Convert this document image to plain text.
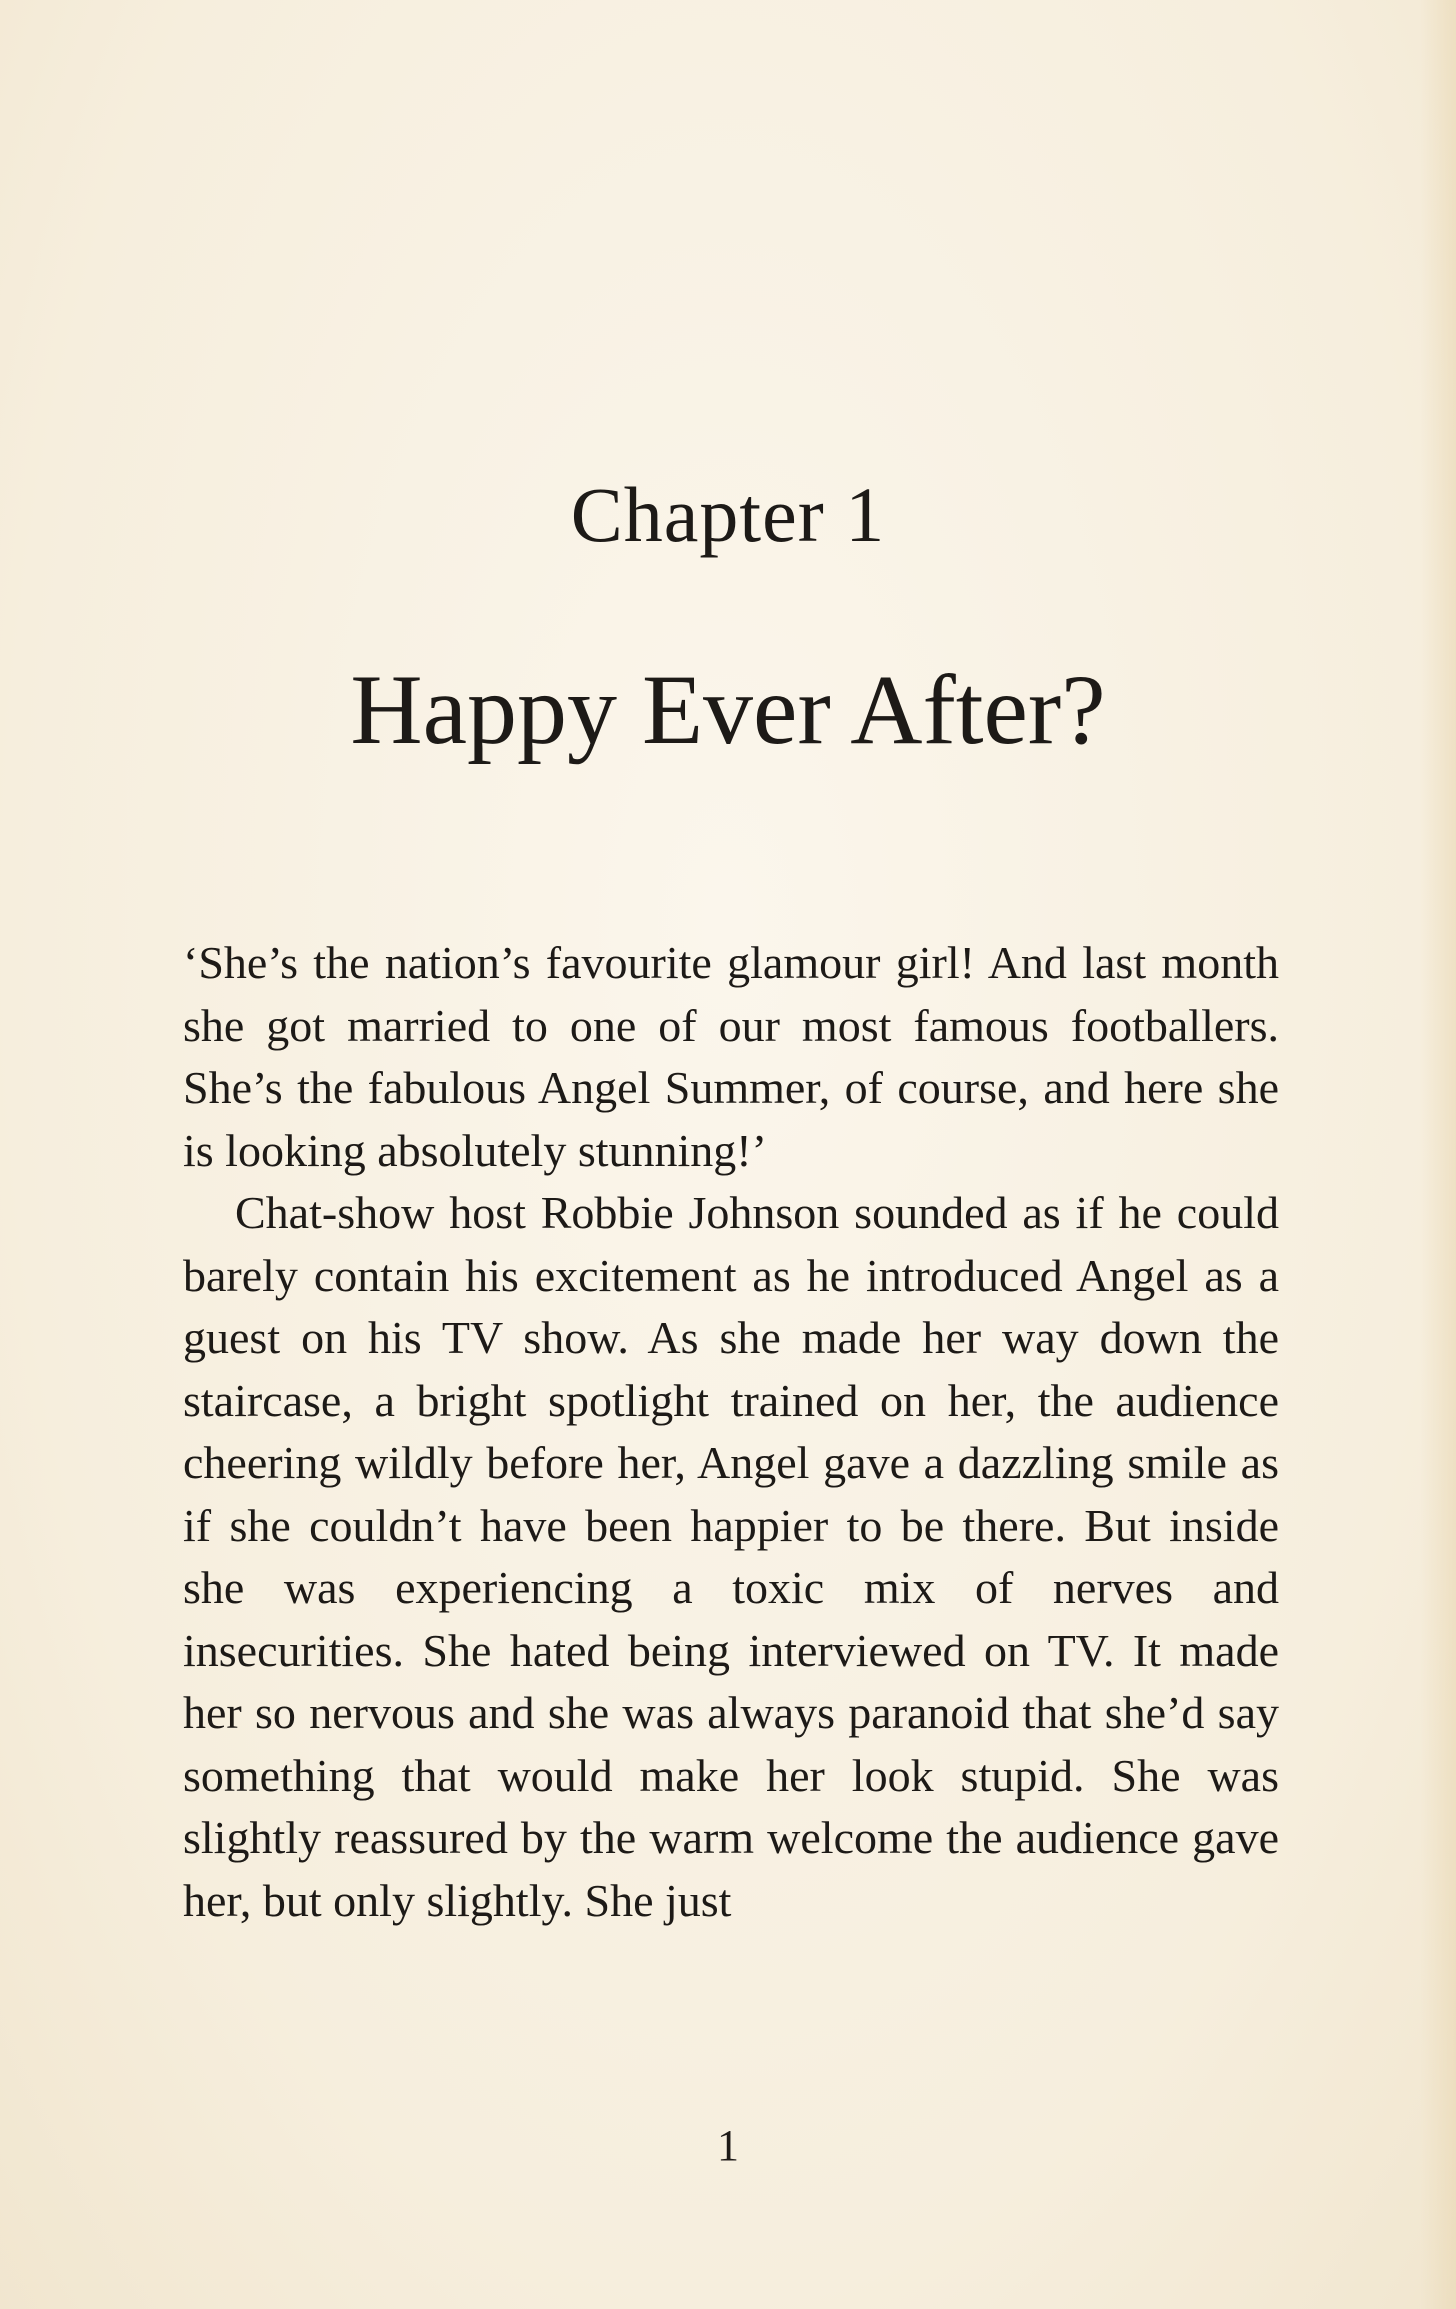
Chapter 1
Happy Ever After?

‘She’s the nation’s favourite glamour girl! And last month she got married to one of our most famous footballers. She’s the fabulous Angel Summer, of course, and here she is looking absolutely stunning!’

Chat-show host Robbie Johnson sounded as if he could barely contain his excitement as he introduced Angel as a guest on his TV show. As she made her way down the staircase, a bright spotlight trained on her, the audience cheering wildly before her, Angel gave a dazzling smile as if she couldn’t have been happier to be there. But inside she was experiencing a toxic mix of nerves and insecurities. She hated being interviewed on TV. It made her so nervous and she was always paranoid that she’d say something that would make her look stupid. She was slightly reassured by the warm welcome the audience gave her, but only slightly. She just

1
